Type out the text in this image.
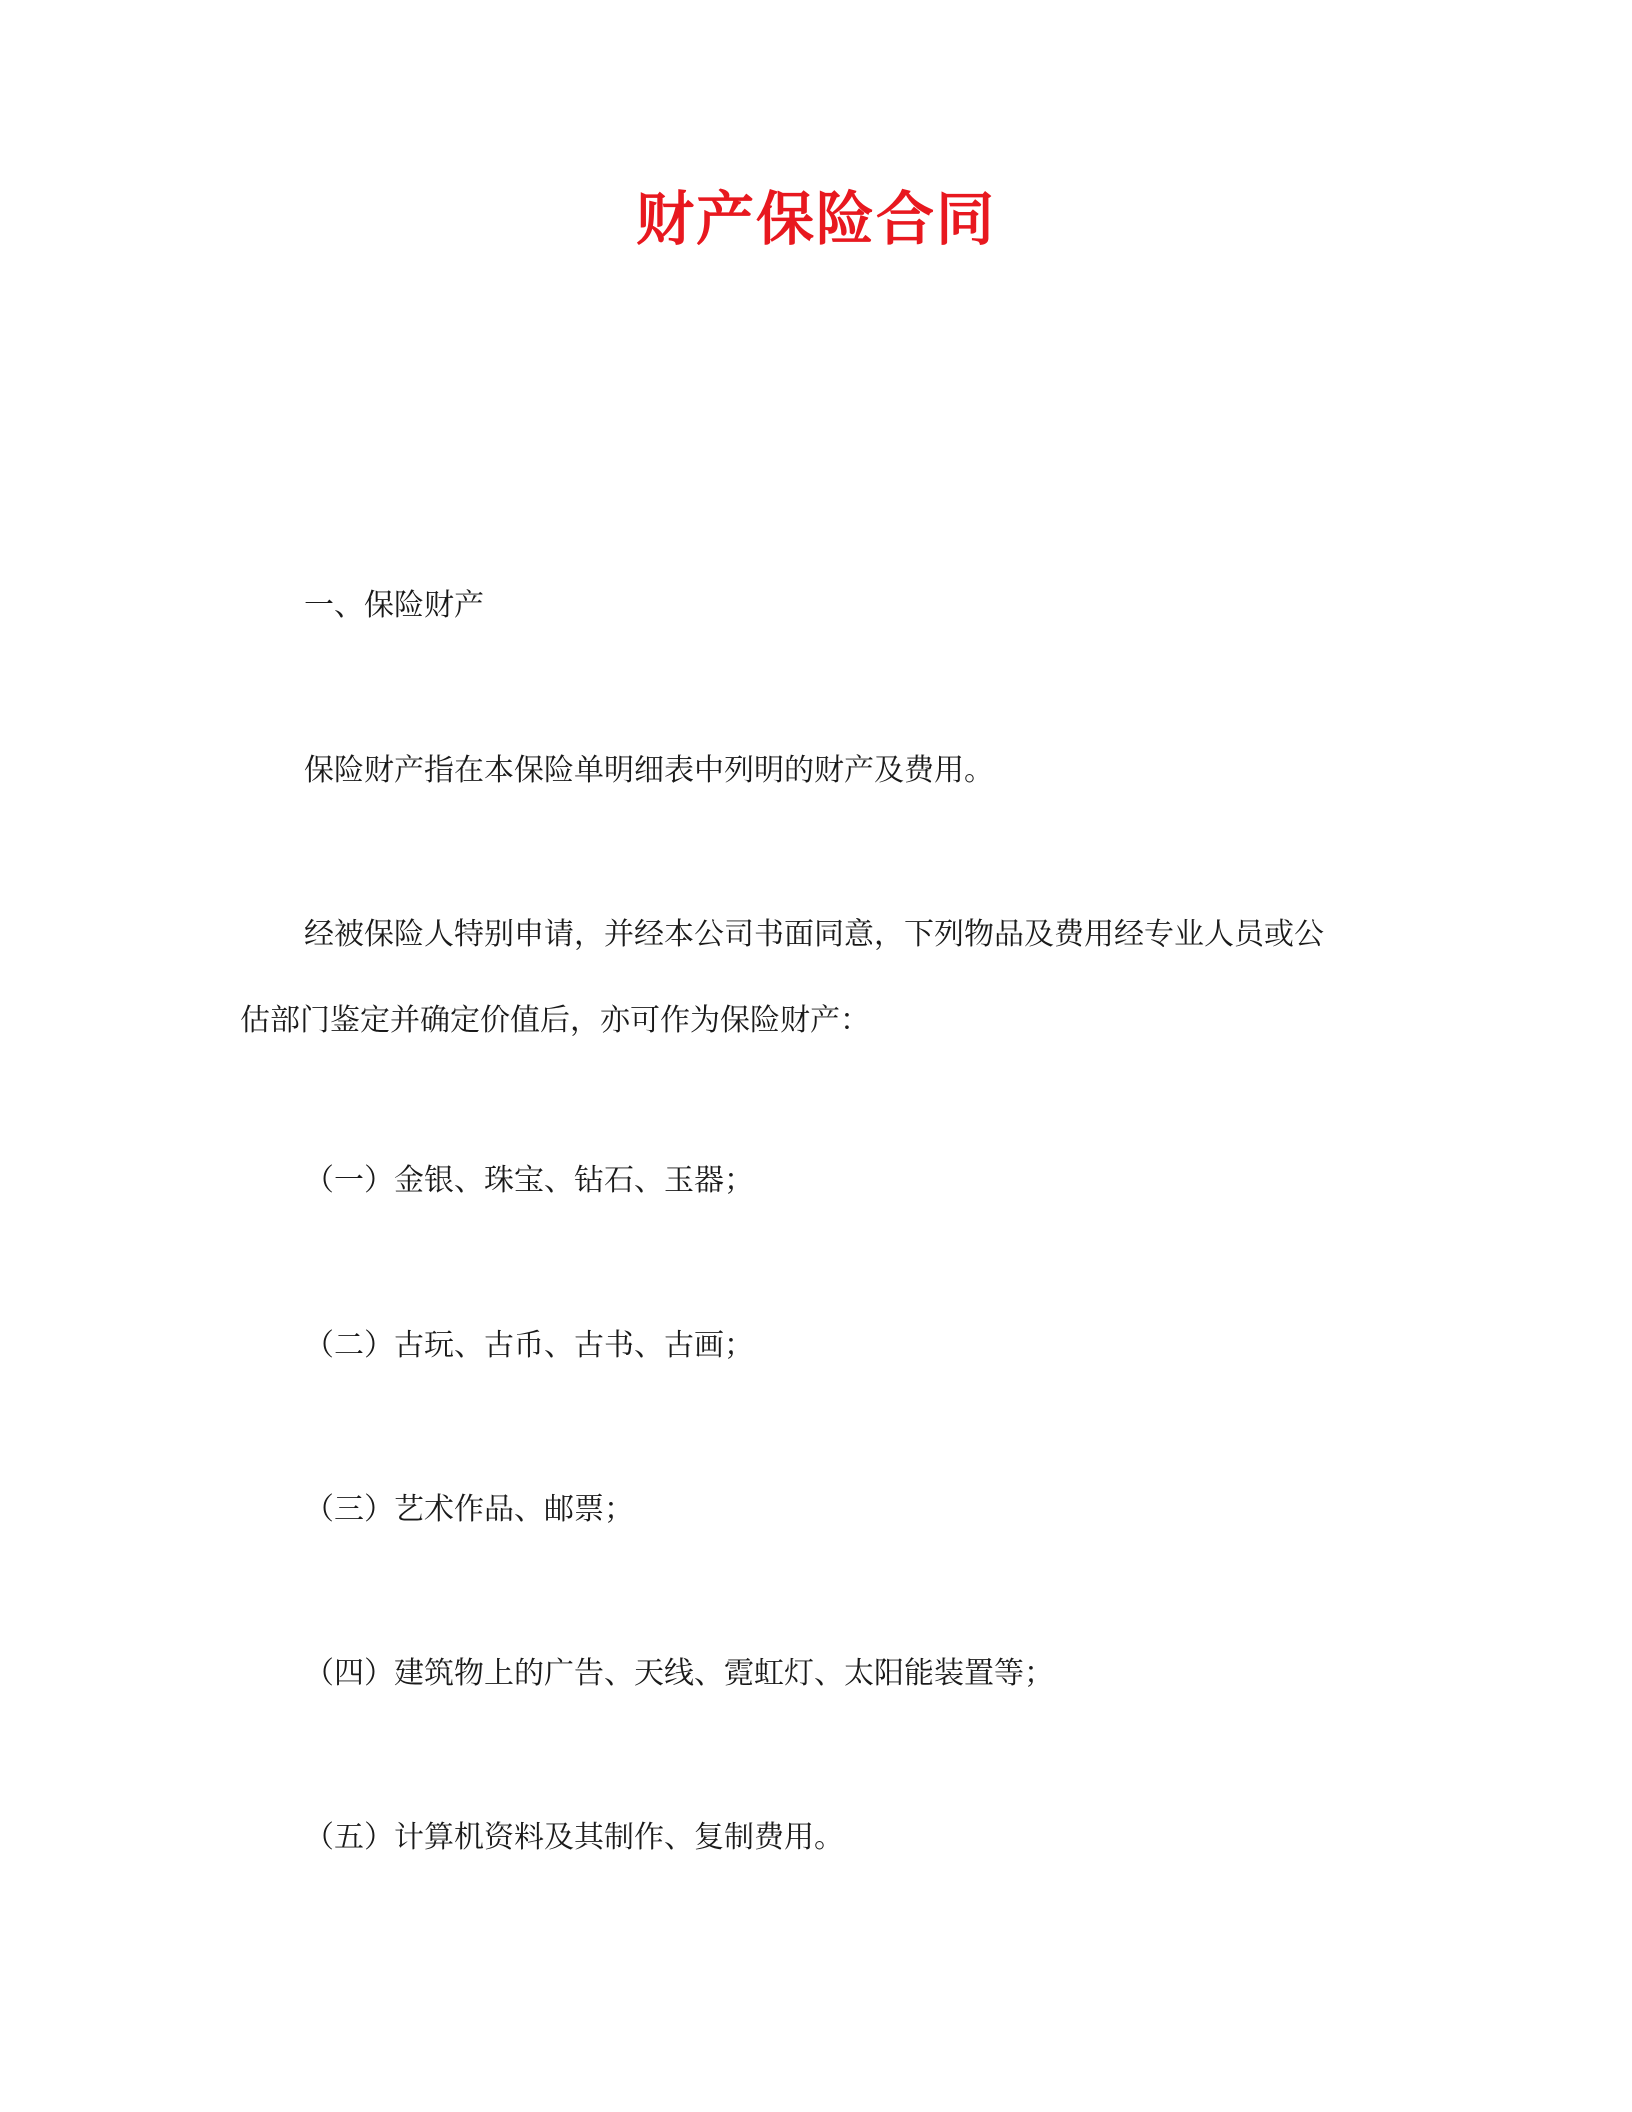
财产保险合同

一、保险财产

保险财产指在本保险单明细表中列明的财产及费用。

经被保险人特别申请，并经本公司书面同意，下列物品及费用经专业人员或公

估部门鉴定并确定价值后，亦可作为保险财产：

（一）金银、珠宝、钻石、玉器；

（二）古玩、古币、古书、古画；

（三）艺术作品、邮票；

（四）建筑物上的广告、天线、霓虹灯、太阳能装置等；

（五）计算机资料及其制作、复制费用。
